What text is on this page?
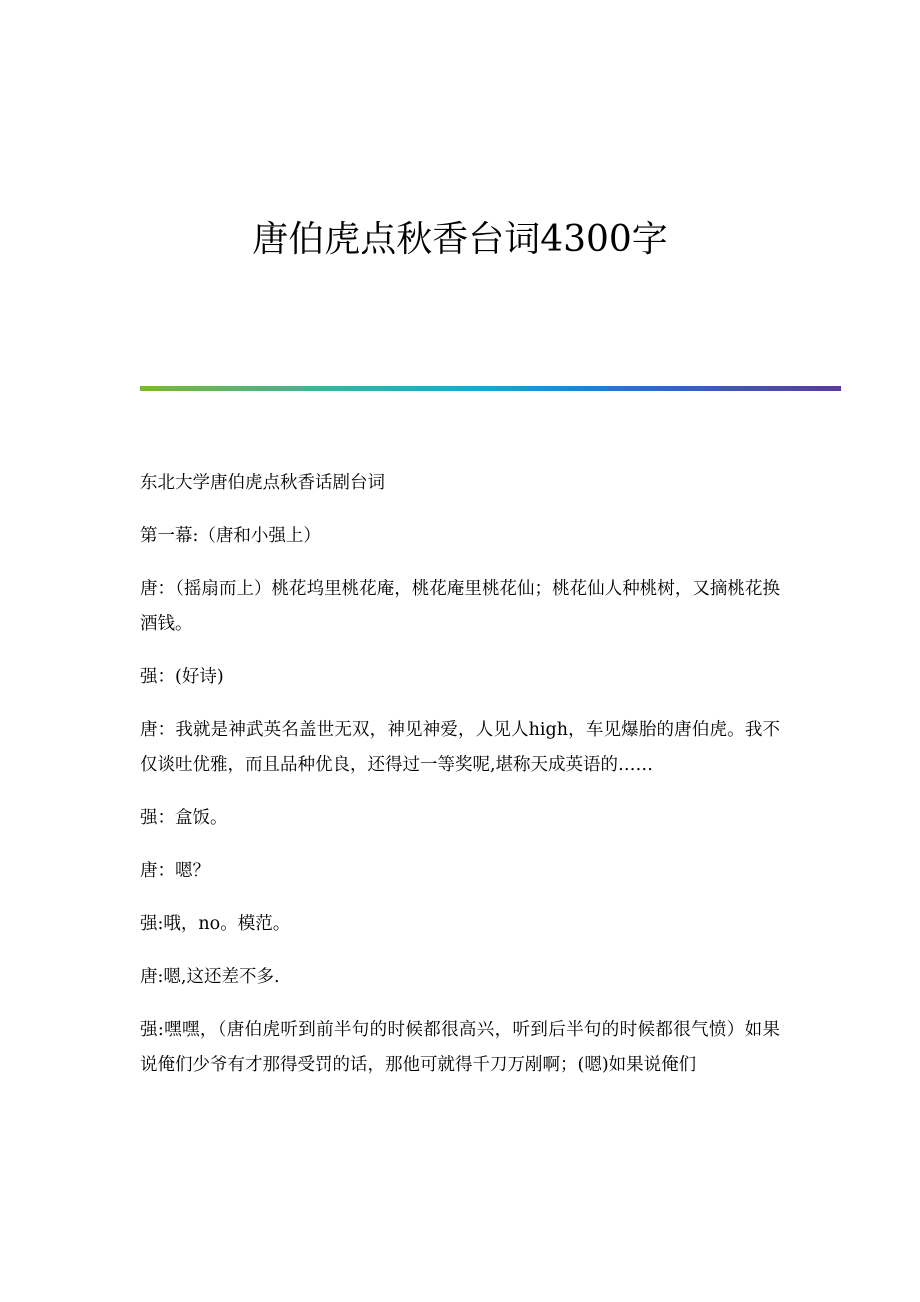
唐伯虎点秋香台词4300字

东北大学唐伯虎点秋香话剧台词

第一幕:（唐和小强上）

唐：（摇扇而上）桃花坞里桃花庵，桃花庵里桃花仙；桃花仙人种桃树，又摘桃花换酒钱。

强：(好诗)

唐：我就是神武英名盖世无双，神见神爱，人见人high，车见爆胎的唐伯虎。我不仅谈吐优雅，而且品种优良，还得过一等奖呢,堪称天成英语的……

强：盒饭。

唐：嗯？

强:哦，no。模范。

唐:嗯,这还差不多.

强:嘿嘿，（唐伯虎听到前半句的时候都很高兴，听到后半句的时候都很气愤）如果说俺们少爷有才那得受罚的话，那他可就得千刀万剐啊；(嗯)如果说俺们
